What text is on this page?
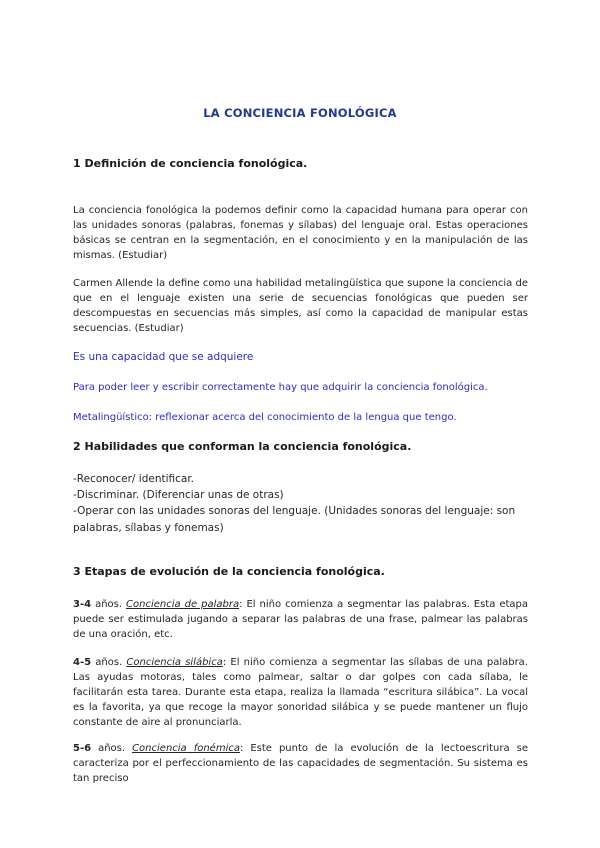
LA CONCIENCIA FONOLÓGICA
1 Definición de conciencia fonológica.
La conciencia fonológica la podemos definir como la capacidad humana para operar con las unidades sonoras (palabras, fonemas y sílabas) del lenguaje oral. Estas operaciones básicas se centran en la segmentación, en el conocimiento y en la manipulación de las mismas. (Estudiar)
Carmen Allende la define como una habilidad metalingüística que supone la conciencia de que en el lenguaje existen una serie de secuencias fonológicas que pueden ser descompuestas en secuencias más simples, así como la capacidad de manipular estas secuencias. (Estudiar)
Es una capacidad que se adquiere
Para poder leer y escribir correctamente hay que adquirir la conciencia fonológica.
Metalingüístico: reflexionar acerca del conocimiento de la lengua que tengo.
2 Habilidades que conforman la conciencia fonológica.
-Reconocer/ identificar.
-Discriminar. (Diferenciar unas de otras)
-Operar con las unidades sonoras del lenguaje. (Unidades sonoras del lenguaje: son palabras, sílabas y fonemas)
3 Etapas de evolución de la conciencia fonológica.
3-4 años. Conciencia de palabra: El niño comienza a segmentar las palabras. Esta etapa puede ser estimulada jugando a separar las palabras de una frase, palmear las palabras de una oración, etc.
4-5 años. Conciencia silábica: El niño comienza a segmentar las sílabas de una palabra. Las ayudas motoras, tales como palmear, saltar o dar golpes con cada sílaba, le facilitarán esta tarea. Durante esta etapa, realiza la llamada “escritura silábica”. La vocal es la favorita, ya que recoge la mayor sonoridad silábica y se puede mantener un flujo constante de aire al pronunciarla.
5-6 años. Conciencia fonémica: Este punto de la evolución de la lectoescritura se caracteriza por el perfeccionamiento de las capacidades de segmentación. Su sistema es tan preciso
